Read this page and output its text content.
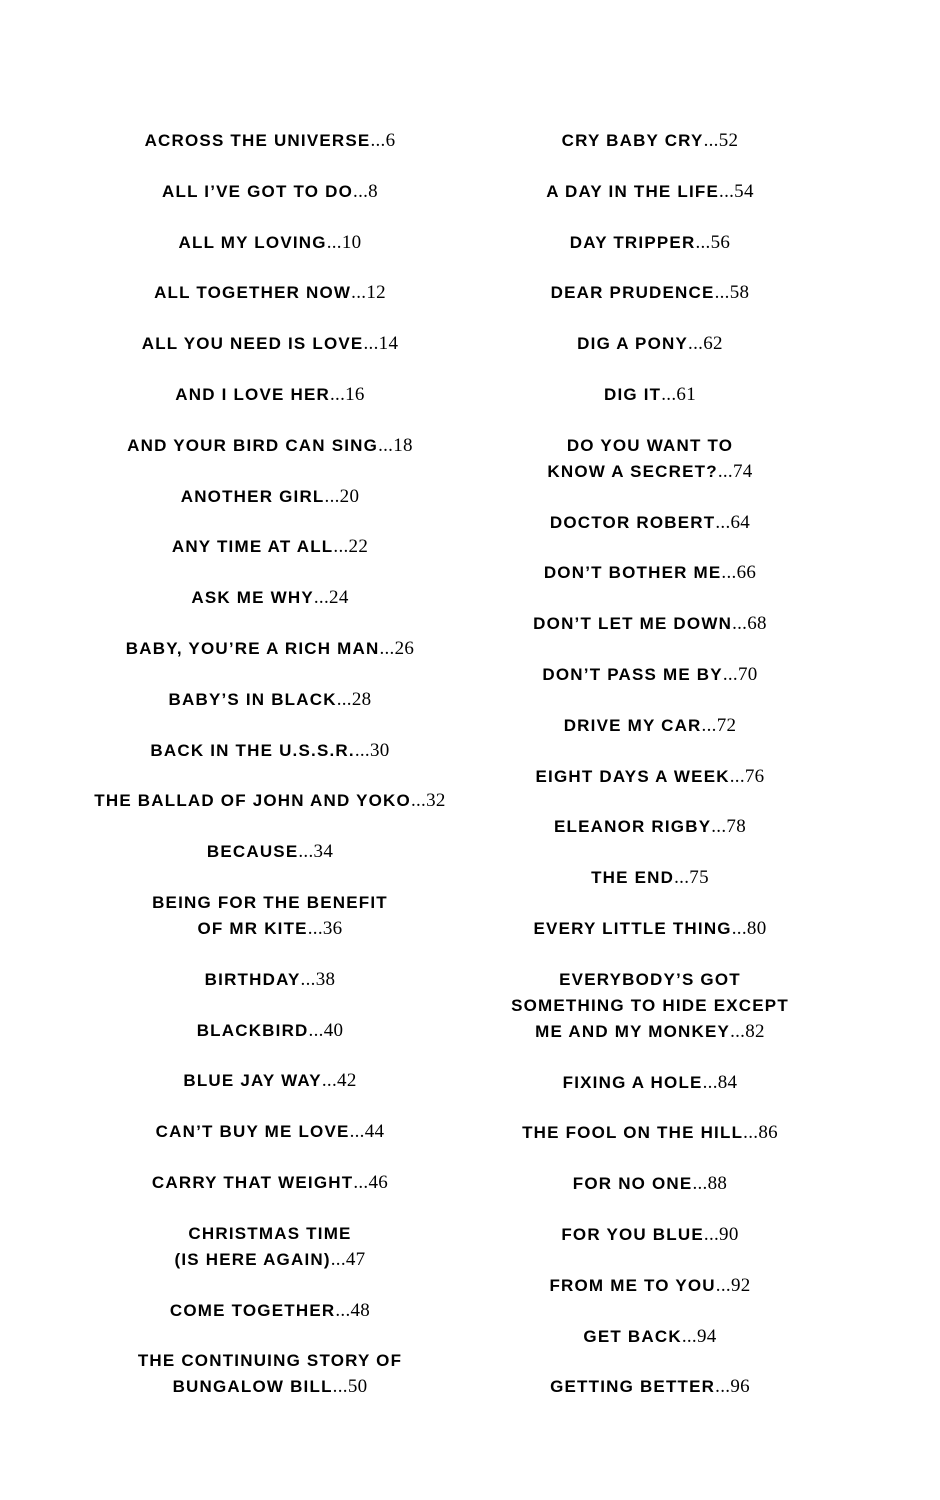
ACROSS THE UNIVERSE...6

ALL I’VE GOT TO DO...8

ALL MY LOVING...10

ALL TOGETHER NOW...12

ALL YOU NEED IS LOVE...14

AND I LOVE HER...16

AND YOUR BIRD CAN SING...18

ANOTHER GIRL...20

ANY TIME AT ALL...22

ASK ME WHY...24

BABY, YOU’RE A RICH MAN...26

BABY’S IN BLACK...28

BACK IN THE U.S.S.R....30

THE BALLAD OF JOHN AND YOKO...32

BECAUSE...34

BEING FOR THE BENEFIT
OF MR KITE...36

BIRTHDAY...38

BLACKBIRD...40

BLUE JAY WAY...42

CAN’T BUY ME LOVE...44

CARRY THAT WEIGHT...46

CHRISTMAS TIME
(IS HERE AGAIN)...47

COME TOGETHER...48

THE CONTINUING STORY OF
BUNGALOW BILL...50

CRY BABY CRY...52

A DAY IN THE LIFE...54

DAY TRIPPER...56

DEAR PRUDENCE...58

DIG A PONY...62

DIG IT...61

DO YOU WANT TO
KNOW A SECRET?...74

DOCTOR ROBERT...64

DON’T BOTHER ME...66

DON’T LET ME DOWN...68

DON’T PASS ME BY...70

DRIVE MY CAR...72

EIGHT DAYS A WEEK...76

ELEANOR RIGBY...78

THE END...75

EVERY LITTLE THING...80

EVERYBODY’S GOT
SOMETHING TO HIDE EXCEPT
ME AND MY MONKEY...82

FIXING A HOLE...84

THE FOOL ON THE HILL...86

FOR NO ONE...88

FOR YOU BLUE...90

FROM ME TO YOU...92

GET BACK...94

GETTING BETTER...96
